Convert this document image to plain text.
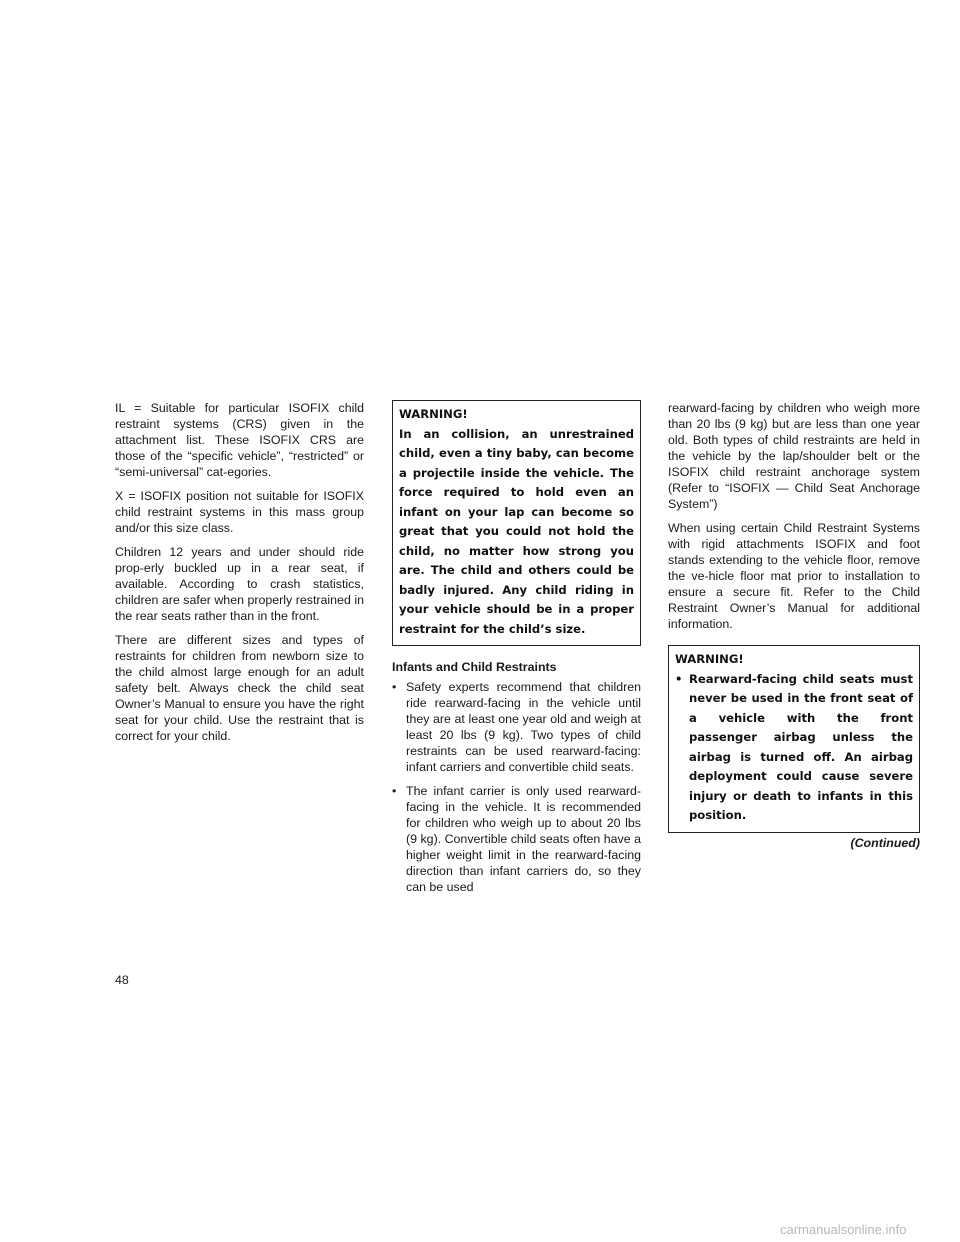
IL = Suitable for particular ISOFIX child restraint systems (CRS) given in the attachment list. These ISOFIX CRS are those of the “specific vehicle”, “restricted” or “semi-universal” cat-egories.

X = ISOFIX position not suitable for ISOFIX child restraint systems in this mass group and/or this size class.

Children 12 years and under should ride prop-erly buckled up in a rear seat, if available. According to crash statistics, children are safer when properly restrained in the rear seats rather than in the front.

There are different sizes and types of restraints for children from newborn size to the child almost large enough for an adult safety belt. Always check the child seat Owner’s Manual to ensure you have the right seat for your child. Use the restraint that is correct for your child.

WARNING!
In an collision, an unrestrained child, even a tiny baby, can become a projectile inside the vehicle. The force required to hold even an infant on your lap can become so great that you could not hold the child, no matter how strong you are. The child and others could be badly injured. Any child riding in your vehicle should be in a proper restraint for the child’s size.
Infants and Child Restraints
• Safety experts recommend that children ride rearward-facing in the vehicle until they are at least one year old and weigh at least 20 lbs (9 kg). Two types of child restraints can be used rearward-facing: infant carriers and convertible child seats.
• The infant carrier is only used rearward-facing in the vehicle. It is recommended for children who weigh up to about 20 lbs (9 kg). Convertible child seats often have a higher weight limit in the rearward-facing direction than infant carriers do, so they can be used

rearward-facing by children who weigh more than 20 lbs (9 kg) but are less than one year old. Both types of child restraints are held in the vehicle by the lap/shoulder belt or the ISOFIX child restraint anchorage system (Refer to “ISOFIX — Child Seat Anchorage System”)

When using certain Child Restraint Systems with rigid attachments ISOFIX and foot stands extending to the vehicle floor, remove the ve-hicle floor mat prior to installation to ensure a secure fit. Refer to the Child Restraint Owner’s Manual for additional information.

WARNING!
• Rearward-facing child seats must never be used in the front seat of a vehicle with the front passenger airbag unless the airbag is turned off. An airbag deployment could cause severe injury or death to infants in this position.
(Continued)
48
carmanualsonline.info
